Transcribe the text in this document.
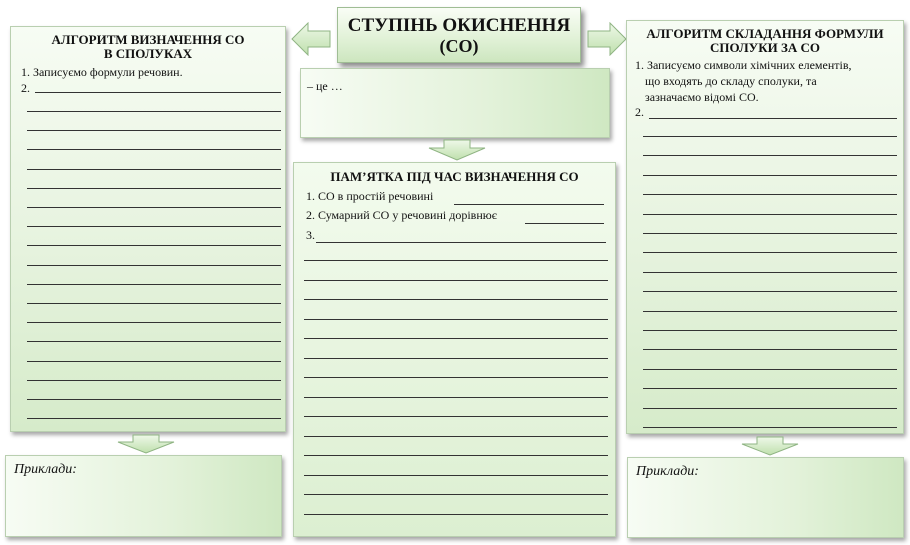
СТУПІНЬ ОКИСНЕННЯ
(СО)
– це …
ПАМ’ЯТКА ПІД ЧАС ВИЗНАЧЕННЯ СО
1. СО в простій речовині
2. Сумарний СО у речовині дорівнює
3.
АЛГОРИТМ ВИЗНАЧЕННЯ СО
В СПОЛУКАХ
1. Записуємо формули речовин.
2.
Приклади:
АЛГОРИТМ СКЛАДАННЯ ФОРМУЛИ
СПОЛУКИ ЗА СО
1. Записуємо символи хімічних елементів,
що входять до складу сполуки, та
зазначаємо відомі СО.
2.
Приклади:
